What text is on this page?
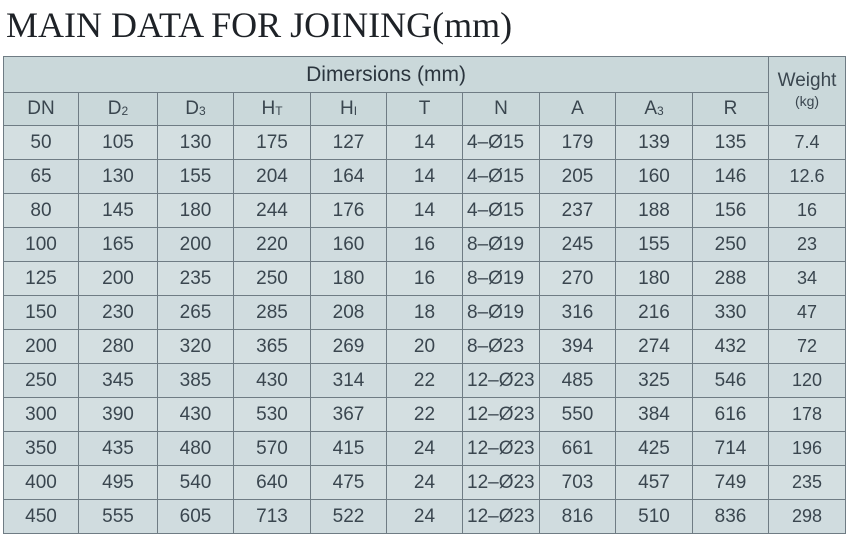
MAIN DATA FOR JOINING(mm)
Dimersions (mm)										Weight
(kg)

DN	$D_2$	$D_3$	$H_T$	$H_I$	T	N	A	$A_3$	R	
50	105	130	175	127	14	4–Ø15	179	139	135	7.4
65	130	155	204	164	14	4–Ø15	205	160	146	12.6
80	145	180	244	176	14	4–Ø15	237	188	156	16
100	165	200	220	160	16	8–Ø19	245	155	250	23
125	200	235	250	180	16	8–Ø19	270	180	288	34
150	230	265	285	208	18	8–Ø19	316	216	330	47
200	280	320	365	269	20	8–Ø23	394	274	432	72
250	345	385	430	314	22	12–Ø23	485	325	546	120
300	390	430	530	367	22	12–Ø23	550	384	616	178
350	435	480	570	415	24	12–Ø23	661	425	714	196
400	495	540	640	475	24	12–Ø23	703	457	749	235
450	555	605	713	522	24	12–Ø23	816	510	836	298
